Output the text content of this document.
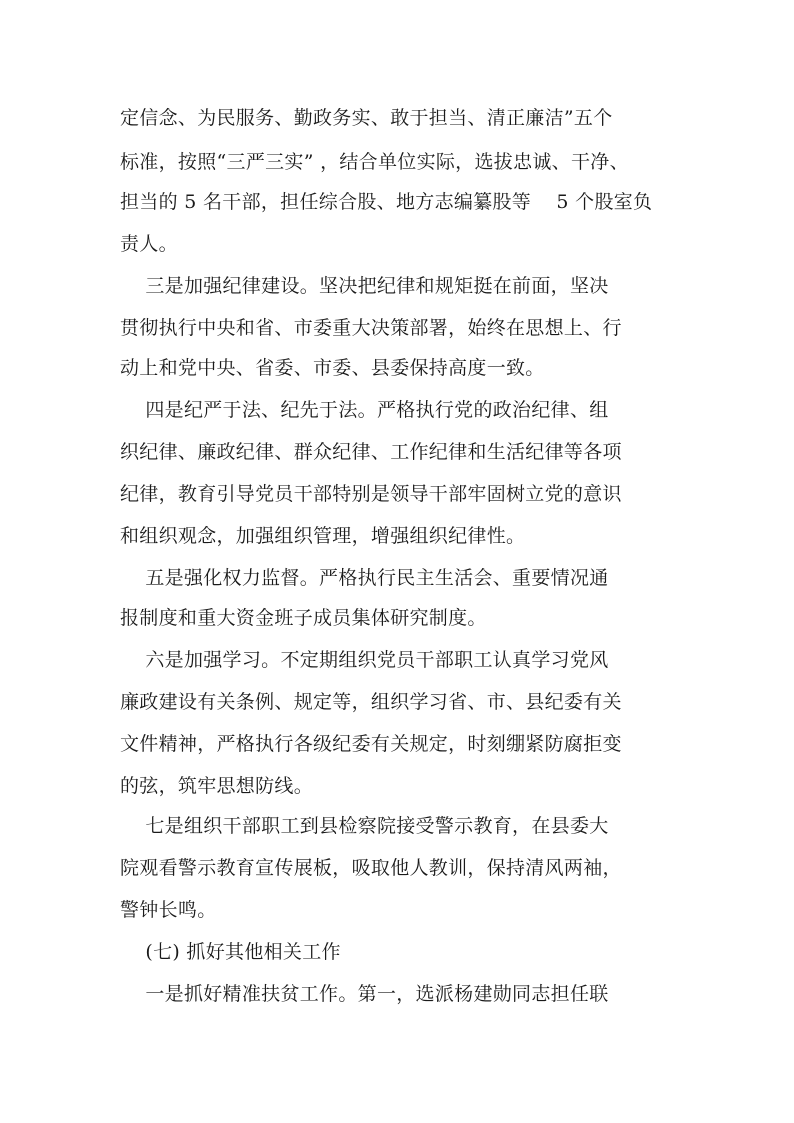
定信念、为民服务、勤政务实、敢于担当、清正廉洁”五个
标准，按照“三严三实” ，结合单位实际，选拔忠诚、干净、
担当的 5 名干部，担任综合股、地方志编纂股等    5 个股室负
责人。
三是加强纪律建设。坚决把纪律和规矩挺在前面，坚决
贯彻执行中央和省、市委重大决策部署，始终在思想上、行
动上和党中央、省委、市委、县委保持高度一致。
四是纪严于法、纪先于法。严格执行党的政治纪律、组
织纪律、廉政纪律、群众纪律、工作纪律和生活纪律等各项
纪律，教育引导党员干部特别是领导干部牢固树立党的意识
和组织观念，加强组织管理，增强组织纪律性。
五是强化权力监督。严格执行民主生活会、重要情况通
报制度和重大资金班子成员集体研究制度。
六是加强学习。不定期组织党员干部职工认真学习党风
廉政建设有关条例、规定等，组织学习省、市、县纪委有关
文件精神，严格执行各级纪委有关规定，时刻绷紧防腐拒变
的弦，筑牢思想防线。
七是组织干部职工到县检察院接受警示教育，在县委大
院观看警示教育宣传展板，吸取他人教训，保持清风两袖，
警钟长鸣。
(七) 抓好其他相关工作
一是抓好精准扶贫工作。第一，选派杨建勋同志担任联
